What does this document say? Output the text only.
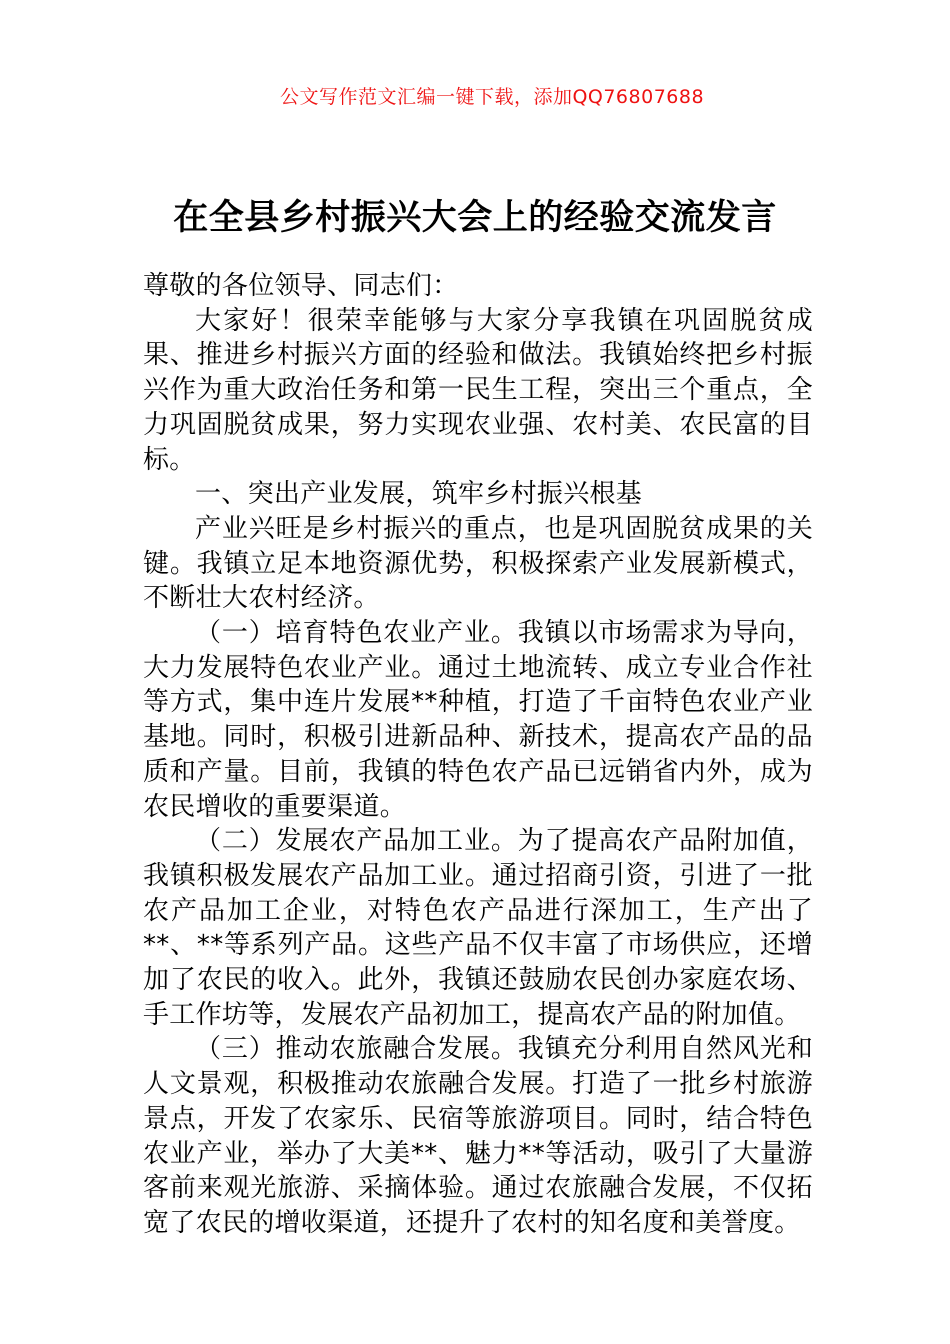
公文写作范文汇编一键下载，添加QQ76807688
在全县乡村振兴大会上的经验交流发言

尊敬的各位领导、同志们：

大家好！很荣幸能够与大家分享我镇在巩固脱贫成果、推进乡村振兴方面的经验和做法。我镇始终把乡村振兴作为重大政治任务和第一民生工程，突出三个重点，全力巩固脱贫成果，努力实现农业强、农村美、农民富的目标。

一、突出产业发展，筑牢乡村振兴根基

产业兴旺是乡村振兴的重点，也是巩固脱贫成果的关键。我镇立足本地资源优势，积极探索产业发展新模式，不断壮大农村经济。

（一）培育特色农业产业。我镇以市场需求为导向，大力发展特色农业产业。通过土地流转、成立专业合作社等方式，集中连片发展**种植，打造了千亩特色农业产业基地。同时，积极引进新品种、新技术，提高农产品的品质和产量。目前，我镇的特色农产品已远销省内外，成为农民增收的重要渠道。

（二）发展农产品加工业。为了提高农产品附加值，我镇积极发展农产品加工业。通过招商引资，引进了一批农产品加工企业，对特色农产品进行深加工，生产出了**、**等系列产品。这些产品不仅丰富了市场供应，还增加了农民的收入。此外，我镇还鼓励农民创办家庭农场、手工作坊等，发展农产品初加工，提高农产品的附加值。

（三）推动农旅融合发展。我镇充分利用自然风光和人文景观，积极推动农旅融合发展。打造了一批乡村旅游景点，开发了农家乐、民宿等旅游项目。同时，结合特色农业产业，举办了大美**、魅力**等活动，吸引了大量游客前来观光旅游、采摘体验。通过农旅融合发展，不仅拓宽了农民的增收渠道，还提升了农村的知名度和美誉度。
